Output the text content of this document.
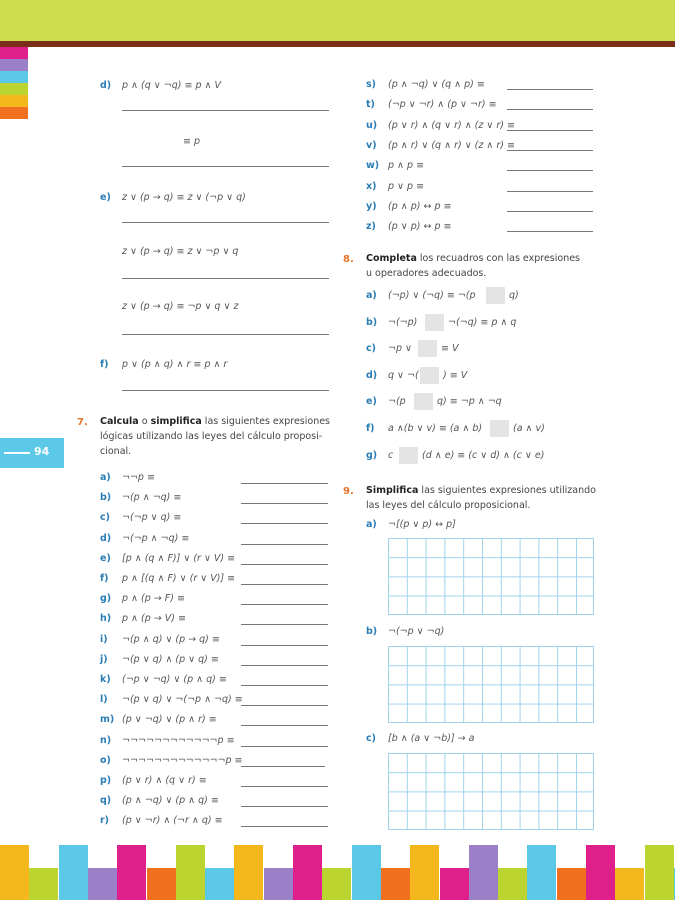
94
d) p ∧ (q ∨ ¬q) ≡ p ∧ V
≡ p
e) z ∨ (p → q) ≡ z ∨ (¬p ∨ q)
z ∨ (p → q) ≡ z ∨ ¬p ∨ q
z ∨ (p → q) ≡ ¬p ∨ q ∨ z
f) p ∨ (p ∧ q) ∧ r ≡ p ∧ r
7. Calcula o simplifica las siguientes expresiones
lógicas utilizando las leyes del cálculo proposi-
cional.
a) ¬¬p ≡
b) ¬(p ∧ ¬q) ≡
c) ¬(¬p ∨ q) ≡
d) ¬(¬p ∧ ¬q) ≡
e) [p ∧ (q ∧ F)] ∨ (r ∨ V) ≡
f) p ∧ [(q ∧ F) ∨ (r ∨ V)] ≡
g) p ∧ (p → F) ≡
h) p ∧ (p → V) ≡
i) ¬(p ∧ q) ∨ (p → q) ≡
j) ¬(p ∨ q) ∧ (p ∨ q) ≡
k) (¬p ∨ ¬q) ∨ (p ∧ q) ≡
l) ¬(p ∨ q) ∨ ¬(¬p ∧ ¬q) ≡
m) (p ∨ ¬q) ∨ (p ∧ r) ≡
n) ¬¬¬¬¬¬¬¬¬¬¬¬p ≡
o) ¬¬¬¬¬¬¬¬¬¬¬¬¬p ≡
p) (p ∨ r) ∧ (q ∨ r) ≡
q) (p ∧ ¬q) ∨ (p ∧ q) ≡
r) (p ∨ ¬r) ∧ (¬r ∧ q) ≡
s) (p ∧ ¬q) ∨ (q ∧ p) ≡
t) (¬p ∨ ¬r) ∧ (p ∨ ¬r) ≡
u) (p ∨ r) ∧ (q ∨ r) ∧ (z ∨ r) ≡
v) (p ∧ r) ∨ (q ∧ r) ∨ (z ∧ r) ≡
w) p ∧ p ≡
x) p ∨ p ≡
y) (p ∧ p) ↔ p ≡
z) (p ∨ p) ↔ p ≡
8. Completa los recuadros con las expresiones
u operadores adecuados.
a) (¬p) ∨ (¬q) ≡ ¬(p	q)
b) ¬(¬p)	¬(¬q) ≡ p ∧ q
c) ¬p ∨	≡ V
d) q ∨ ¬(	) ≡ V
e) ¬(p	q) ≡ ¬p ∧ ¬q
f) a ∧(b ∨ v) ≡ (a ∧ b)	(a ∧ v)
g) c	(d ∧ e) ≡ (c ∨ d) ∧ (c ∨ e)
9. Simplifica las siguientes expresiones utilizando
las leyes del cálculo proposicional.
a) ¬[(p ∨ p) ↔ p]
b) ¬(¬p ∨ ¬q)
c) [b ∧ (a ∨ ¬b)] → a
